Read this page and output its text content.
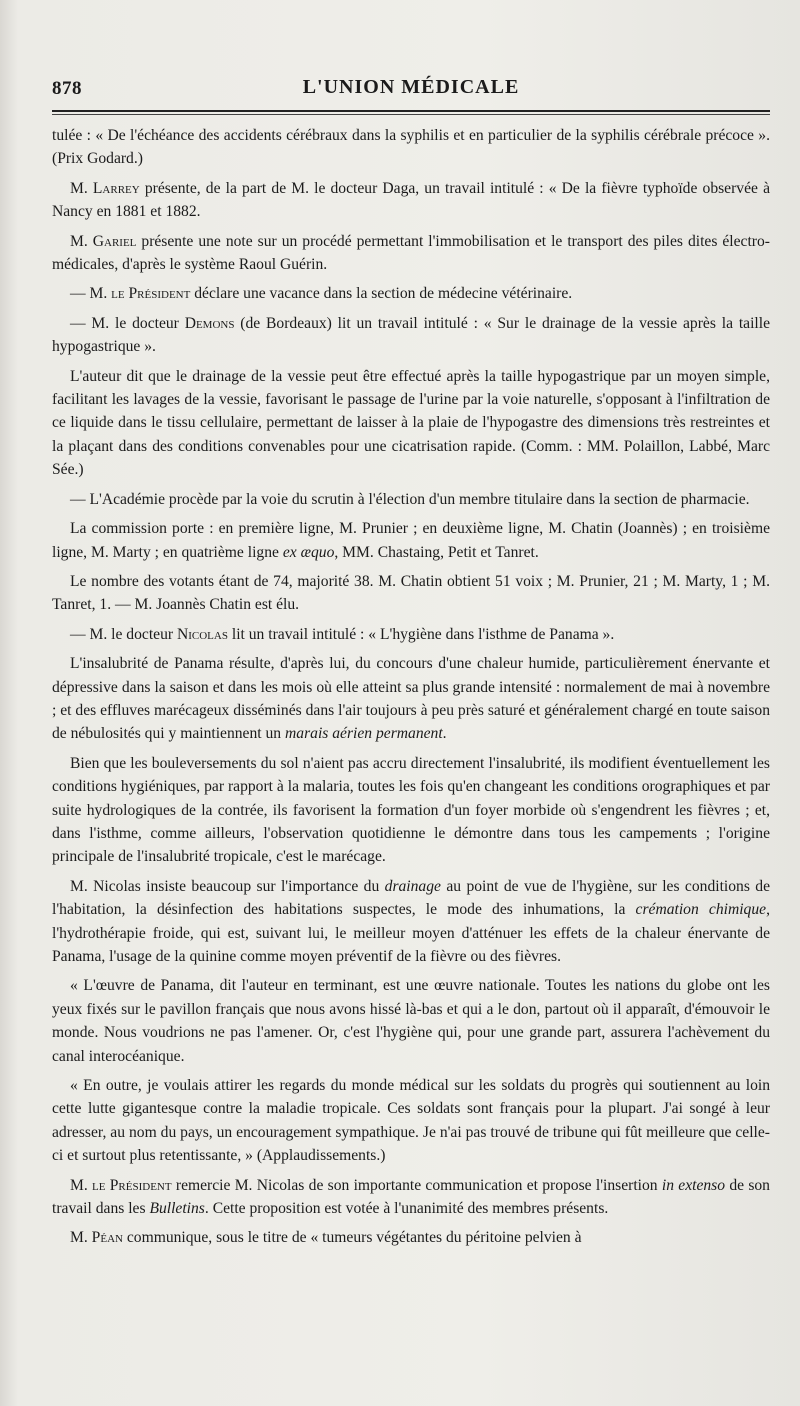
878	L'UNION MÉDICALE

tulée : « De l'échéance des accidents cérébraux dans la syphilis et en particulier de la syphilis cérébrale précoce ». (Prix Godard.)

M. Larrey présente, de la part de M. le docteur Daga, un travail intitulé : « De la fièvre typhoïde observée à Nancy en 1881 et 1882.

M. Gariel présente une note sur un procédé permettant l'immobilisation et le transport des piles dites électro-médicales, d'après le système Raoul Guérin.

— M. le Président déclare une vacance dans la section de médecine vétérinaire.

— M. le docteur Demons (de Bordeaux) lit un travail intitulé : « Sur le drainage de la vessie après la taille hypogastrique ».

L'auteur dit que le drainage de la vessie peut être effectué après la taille hypogastrique par un moyen simple, facilitant les lavages de la vessie, favorisant le passage de l'urine par la voie naturelle, s'opposant à l'infiltration de ce liquide dans le tissu cellulaire, permettant de laisser à la plaie de l'hypogastre des dimensions très restreintes et la plaçant dans des conditions convenables pour une cicatrisation rapide. (Comm. : MM. Polaillon, Labbé, Marc Sée.)

— L'Académie procède par la voie du scrutin à l'élection d'un membre titulaire dans la section de pharmacie.

La commission porte : en première ligne, M. Prunier ; en deuxième ligne, M. Chatin (Joannès) ; en troisième ligne, M. Marty ; en quatrième ligne ex æquo, MM. Chastaing, Petit et Tanret.

Le nombre des votants étant de 74, majorité 38. M. Chatin obtient 51 voix ; M. Prunier, 21 ; M. Marty, 1 ; M. Tanret, 1. — M. Joannès Chatin est élu.

— M. le docteur Nicolas lit un travail intitulé : « L'hygiène dans l'isthme de Panama ».

L'insalubrité de Panama résulte, d'après lui, du concours d'une chaleur humide, particulièrement énervante et dépressive dans la saison et dans les mois où elle atteint sa plus grande intensité : normalement de mai à novembre ; et des effluves marécageux disséminés dans l'air toujours à peu près saturé et généralement chargé en toute saison de nébulosités qui y maintiennent un marais aérien permanent.

Bien que les bouleversements du sol n'aient pas accru directement l'insalubrité, ils modifient éventuellement les conditions hygiéniques, par rapport à la malaria, toutes les fois qu'en changeant les conditions orographiques et par suite hydrologiques de la contrée, ils favorisent la formation d'un foyer morbide où s'engendrent les fièvres ; et, dans l'isthme, comme ailleurs, l'observation quotidienne le démontre dans tous les campements ; l'origine principale de l'insalubrité tropicale, c'est le marécage.

M. Nicolas insiste beaucoup sur l'importance du drainage au point de vue de l'hygiène, sur les conditions de l'habitation, la désinfection des habitations suspectes, le mode des inhumations, la crémation chimique, l'hydrothérapie froide, qui est, suivant lui, le meilleur moyen d'atténuer les effets de la chaleur énervante de Panama, l'usage de la quinine comme moyen préventif de la fièvre ou des fièvres.

« L'œuvre de Panama, dit l'auteur en terminant, est une œuvre nationale. Toutes les nations du globe ont les yeux fixés sur le pavillon français que nous avons hissé là-bas et qui a le don, partout où il apparaît, d'émouvoir le monde. Nous voudrions ne pas l'amener. Or, c'est l'hygiène qui, pour une grande part, assurera l'achèvement du canal interocéanique.

« En outre, je voulais attirer les regards du monde médical sur les soldats du progrès qui soutiennent au loin cette lutte gigantesque contre la maladie tropicale. Ces soldats sont français pour la plupart. J'ai songé à leur adresser, au nom du pays, un encouragement sympathique. Je n'ai pas trouvé de tribune qui fût meilleure que celle-ci et surtout plus retentissante, » (Applaudissements.)

M. le Président remercie M. Nicolas de son importante communication et propose l'insertion in extenso de son travail dans les Bulletins. Cette proposition est votée à l'unanimité des membres présents.

M. Péan communique, sous le titre de « tumeurs végétantes du péritoine pelvien à
